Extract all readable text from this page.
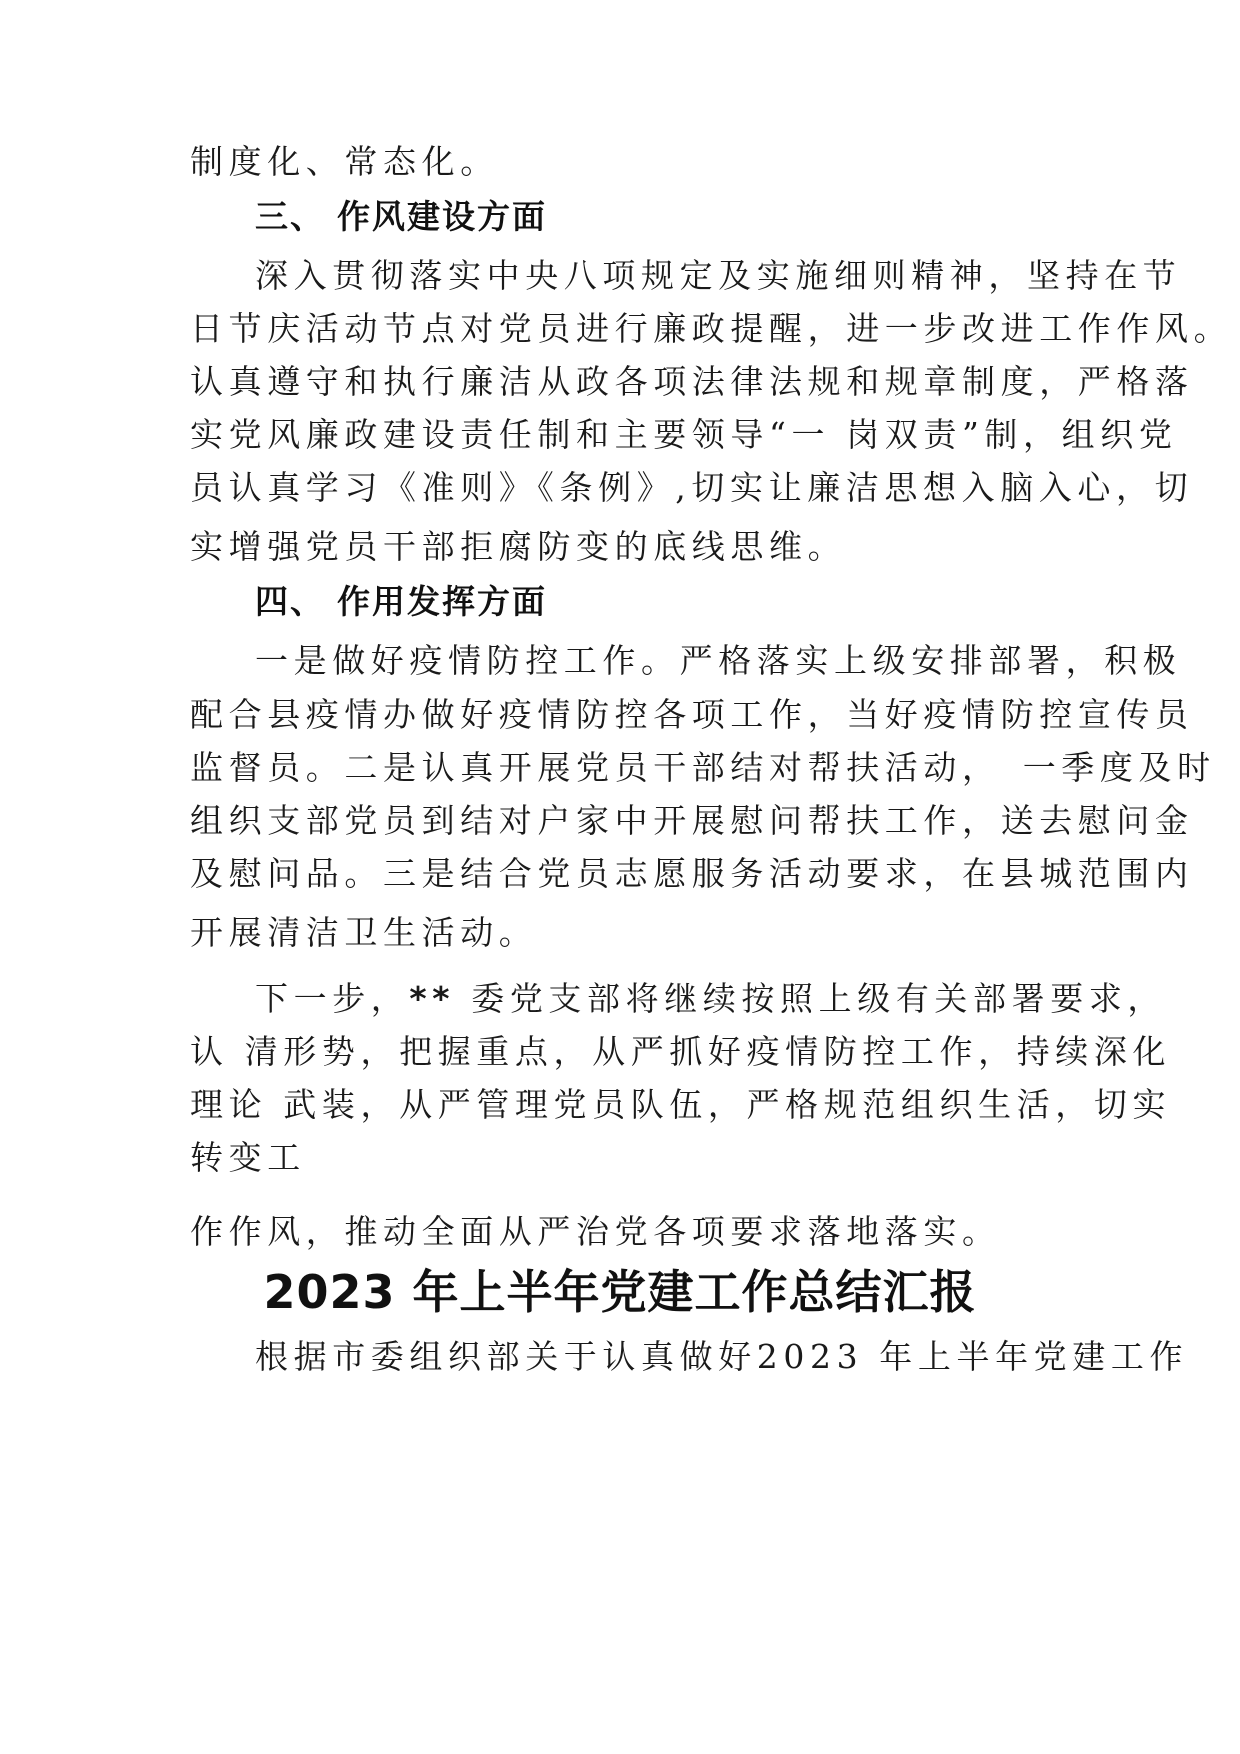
制度化、常态化。
三、 作风建设方面
深入贯彻落实中央八项规定及实施细则精神，坚持在节
日节庆活动节点对党员进行廉政提醒，进一步改进工作作风。
认真遵守和执行廉洁从政各项法律法规和规章制度，严格落
实党风廉政建设责任制和主要领导“一 岗双责”制，组织党
员认真学习《准则》《条例》,切实让廉洁思想入脑入心，切
实增强党员干部拒腐防变的底线思维。
四、 作用发挥方面
一是做好疫情防控工作。严格落实上级安排部署，积极
配合县疫情办做好疫情防控各项工作，当好疫情防控宣传员
监督员。二是认真开展党员干部结对帮扶活动，　一季度及时
组织支部党员到结对户家中开展慰问帮扶工作，送去慰问金
及慰问品。三是结合党员志愿服务活动要求，在县城范围内
开展清洁卫生活动。
下一步，** 委党支部将继续按照上级有关部署要求，
认 清形势，把握重点，从严抓好疫情防控工作，持续深化
理论 武装，从严管理党员队伍，严格规范组织生活，切实
转变工
作作风，推动全面从严治党各项要求落地落实。
2023 年上半年党建工作总结汇报
根据市委组织部关于认真做好2023 年上半年党建工作
